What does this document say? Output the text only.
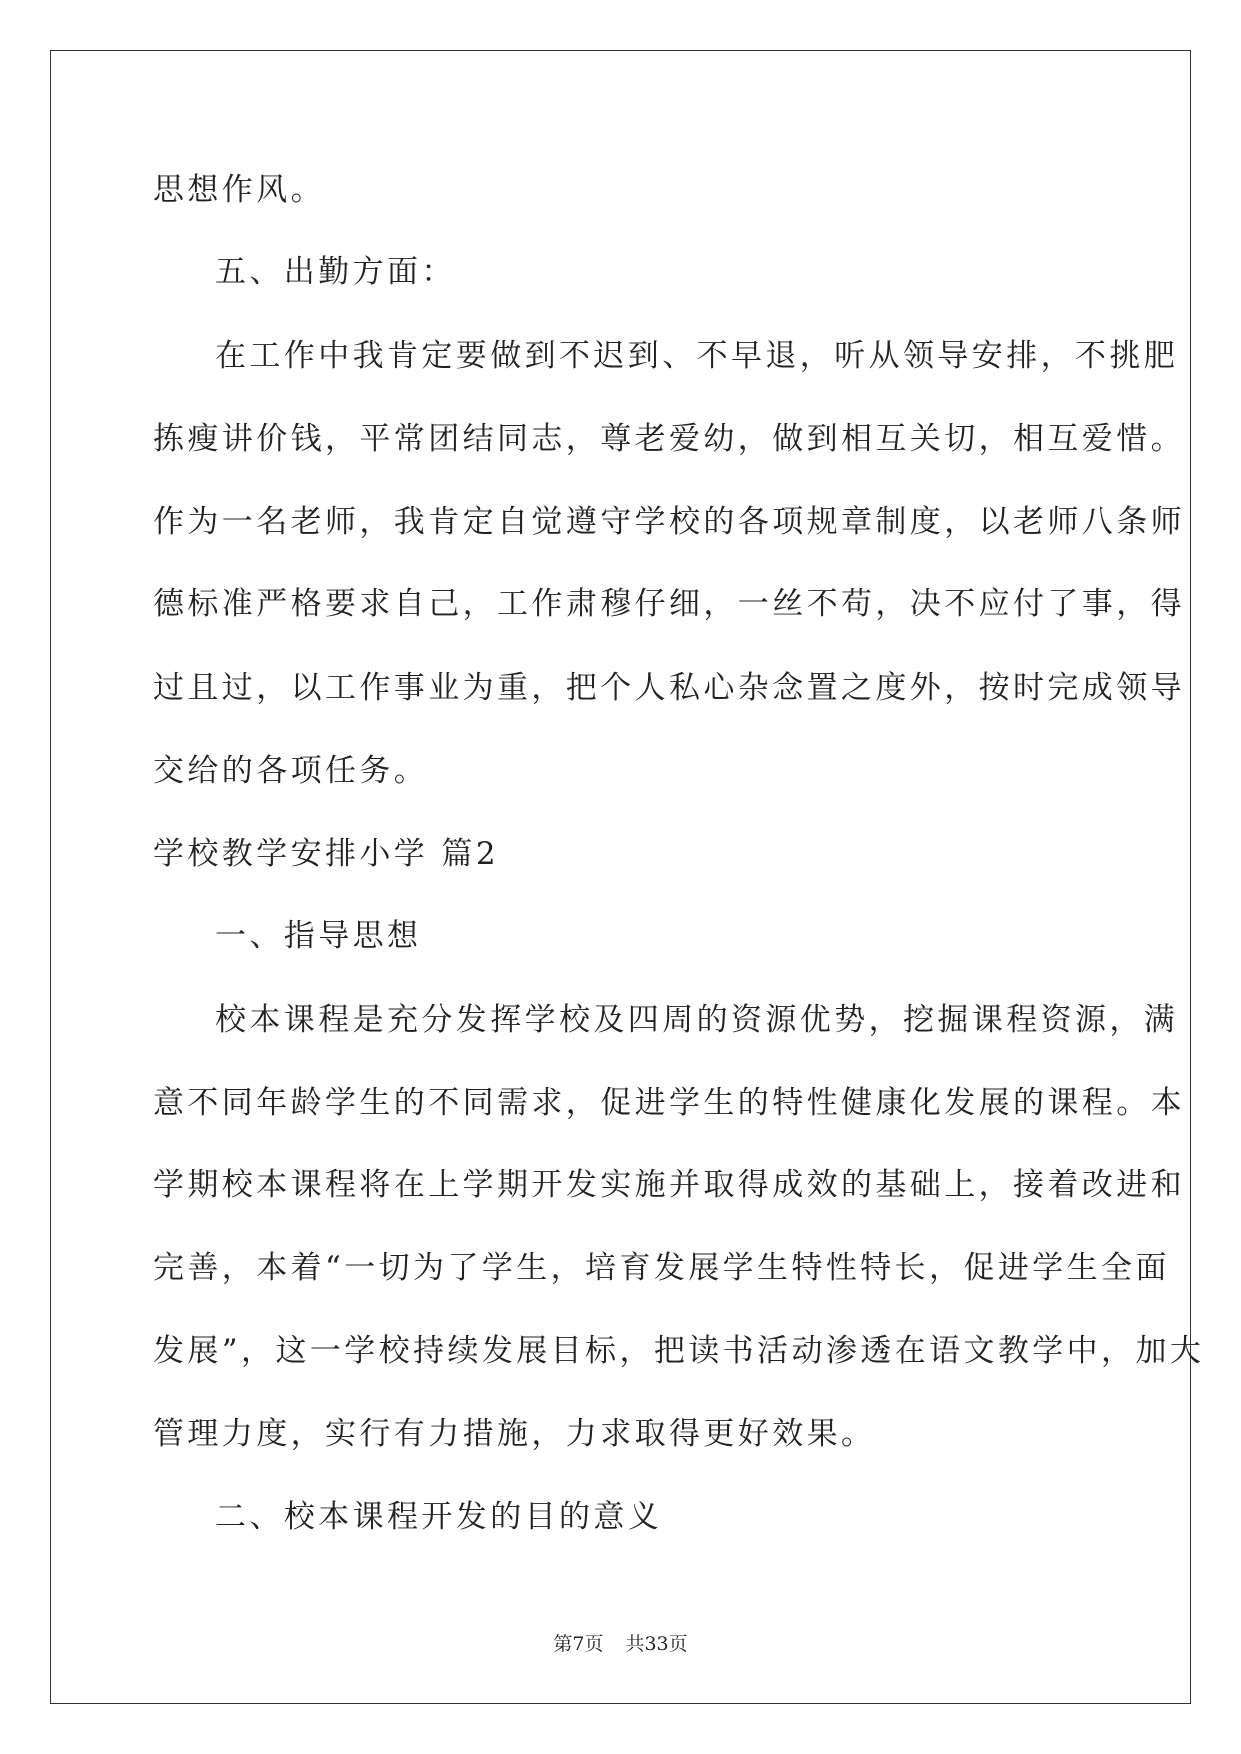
思想作风。
五、出勤方面：
在工作中我肯定要做到不迟到、不早退，听从领导安排，不挑肥
拣瘦讲价钱，平常团结同志，尊老爱幼，做到相互关切，相互爱惜。
作为一名老师，我肯定自觉遵守学校的各项规章制度，以老师八条师
德标准严格要求自己，工作肃穆仔细，一丝不苟，决不应付了事，得
过且过，以工作事业为重，把个人私心杂念置之度外，按时完成领导
交给的各项任务。
学校教学安排小学 篇2
一、指导思想
校本课程是充分发挥学校及四周的资源优势，挖掘课程资源，满
意不同年龄学生的不同需求，促进学生的特性健康化发展的课程。本
学期校本课程将在上学期开发实施并取得成效的基础上，接着改进和
完善，本着“一切为了学生，培育发展学生特性特长，促进学生全面
发展”，这一学校持续发展目标，把读书活动渗透在语文教学中，加大
管理力度，实行有力措施，力求取得更好效果。
二、校本课程开发的目的意义
第7页 共33页
